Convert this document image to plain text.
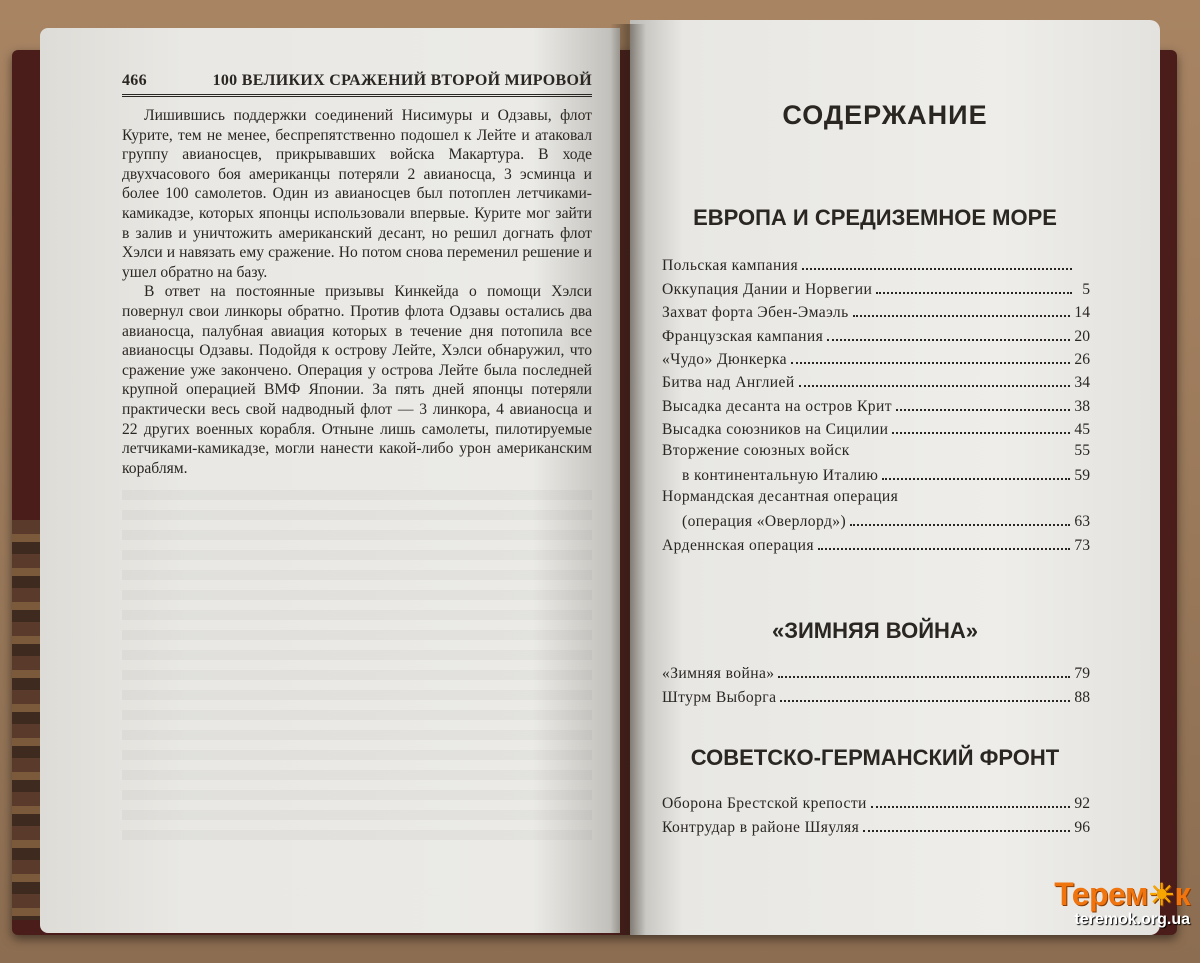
466	100 ВЕЛИКИХ СРАЖЕНИЙ ВТОРОЙ МИРОВОЙ

Лишившись поддержки соединений Нисимуры и Одзавы, флот Курите, тем не менее, беспрепятственно подошел к Лейте и атаковал группу авианосцев, прикрывавших войска Макартура. В ходе двухчасового боя американцы потеряли 2 авианосца, 3 эсминца и более 100 самолетов. Один из авианосцев был потоплен летчиками-камикадзе, которых японцы использовали впервые. Курите мог зайти в залив и уничтожить американский десант, но решил догнать флот Хэлси и навязать ему сражение. Но потом снова переменил решение и ушел обратно на базу.

В ответ на постоянные призывы Кинкейда о помощи Хэлси повернул свои линкоры обратно. Против флота Одзавы остались два авианосца, палубная авиация которых в течение дня потопила все авианосцы Одзавы. Подойдя к острову Лейте, Хэлси обнаружил, что сражение уже закончено. Операция у острова Лейте была последней крупной операцией ВМФ Японии. За пять дней японцы потеряли практически весь свой надводный флот — 3 линкора, 4 авианосца и 22 других военных корабля. Отныне лишь самолеты, пилотируемые летчиками-камикадзе, могли нанести какой-либо урон американским кораблям.

СОДЕРЖАНИЕ
ЕВРОПА И СРЕДИЗЕМНОЕ МОРЕ
Польская кампания
Оккупация Дании и Норвегии	5
Захват форта Эбен-Эмаэль	14
Французская кампания	20
«Чудо» Дюнкерка	26
Битва над Англией	34
Высадка десанта на остров Крит	38
Высадка союзников на Сицилии	45
Вторжение союзных войск	55
в континентальную Италию	59
Нормандская десантная операция
(операция «Оверлорд»)	63
Арденнская операция	73
«ЗИМНЯЯ ВОЙНА»
«Зимняя война»	79
Штурм Выборга	88
СОВЕТСКО-ГЕРМАНСКИЙ ФРОНТ
Оборона Брестской крепости	92
Контрудар в районе Шяуляя	96
Терем☀к
teremok.org.ua
